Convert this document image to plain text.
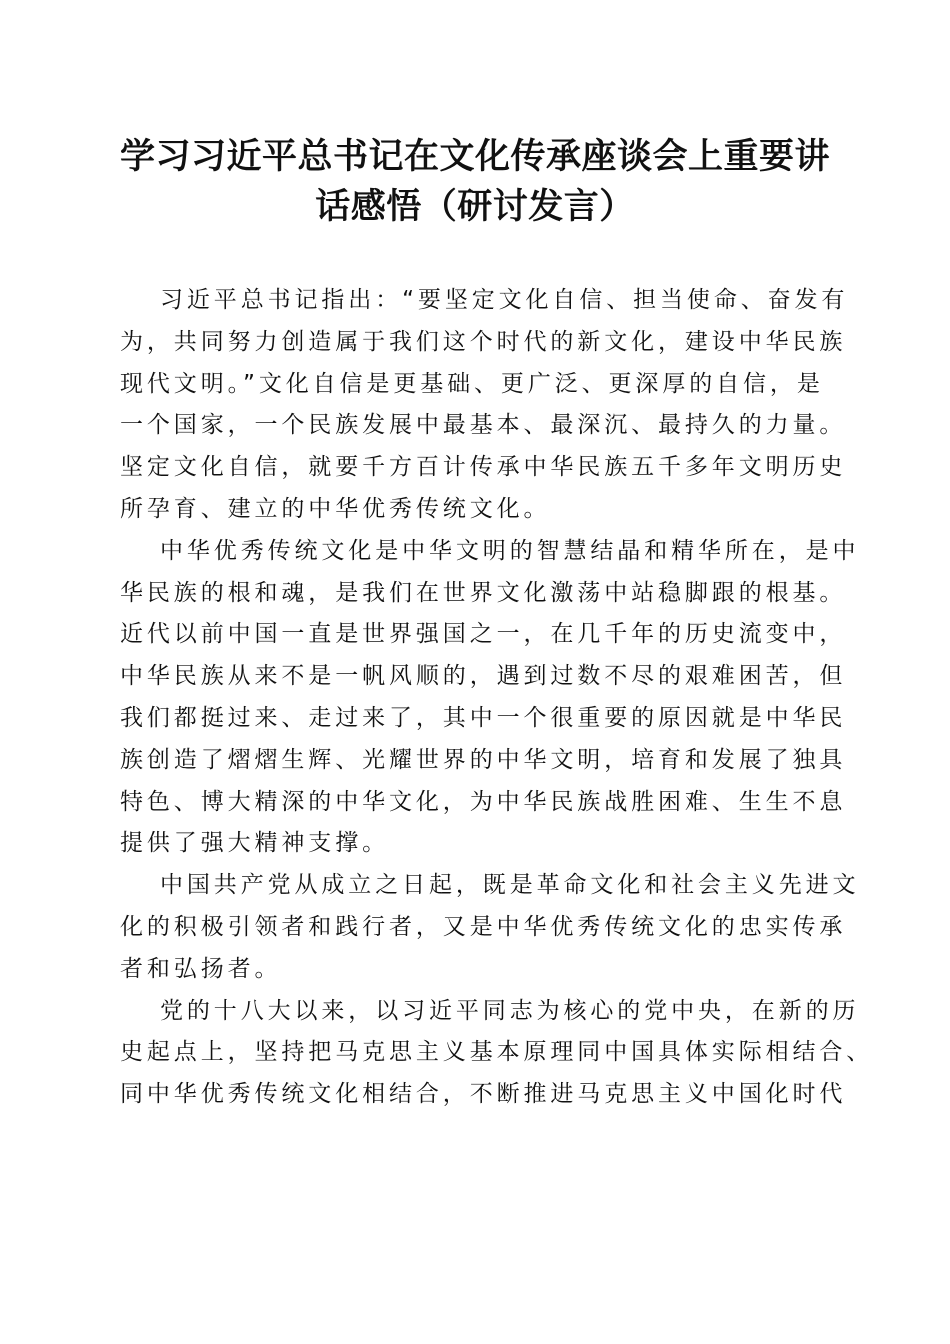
学习习近平总书记在文化传承座谈会上重要讲
话感悟（研讨发言）
习近平总书记指出：“要坚定文化自信、担当使命、奋发有
为，共同努力创造属于我们这个时代的新文化，建设中华民族
现代文明。”文化自信是更基础、更广泛、更深厚的自信，是
一个国家，一个民族发展中最基本、最深沉、最持久的力量。
坚定文化自信，就要千方百计传承中华民族五千多年文明历史
所孕育、建立的中华优秀传统文化。
中华优秀传统文化是中华文明的智慧结晶和精华所在，是中
华民族的根和魂，是我们在世界文化激荡中站稳脚跟的根基。
近代以前中国一直是世界强国之一，在几千年的历史流变中，
中华民族从来不是一帆风顺的，遇到过数不尽的艰难困苦，但
我们都挺过来、走过来了，其中一个很重要的原因就是中华民
族创造了熠熠生辉、光耀世界的中华文明，培育和发展了独具
特色、博大精深的中华文化，为中华民族战胜困难、生生不息
提供了强大精神支撑。
中国共产党从成立之日起，既是革命文化和社会主义先进文
化的积极引领者和践行者，又是中华优秀传统文化的忠实传承
者和弘扬者。
党的十八大以来，以习近平同志为核心的党中央，在新的历
史起点上，坚持把马克思主义基本原理同中国具体实际相结合、
同中华优秀传统文化相结合，不断推进马克思主义中国化时代
